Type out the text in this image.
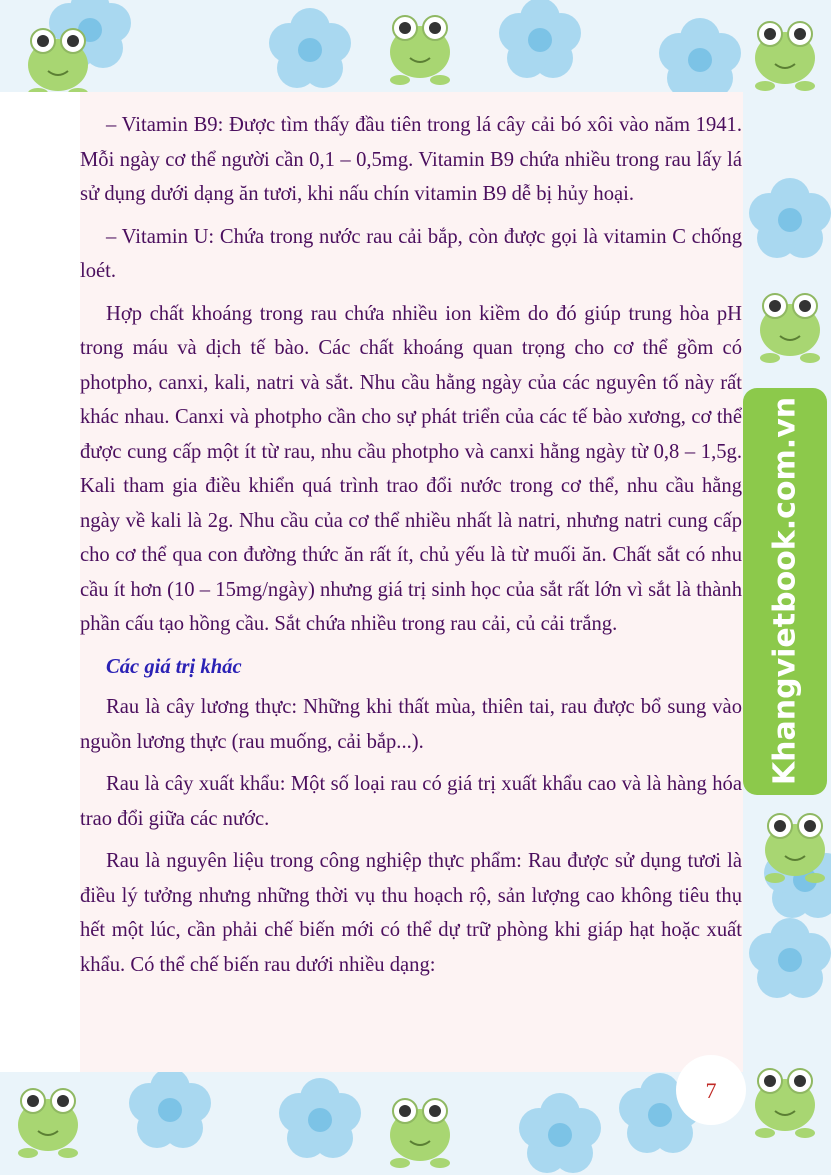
– Vitamin B9: Được tìm thấy đầu tiên trong lá cây cải bó xôi vào năm 1941. Mỗi ngày cơ thể người cần 0,1 – 0,5mg. Vitamin B9 chứa nhiều trong rau lấy lá sử dụng dưới dạng ăn tươi, khi nấu chín vitamin B9 dễ bị hủy hoại.

– Vitamin U: Chứa trong nước rau cải bắp, còn được gọi là vitamin C chống loét.

Hợp chất khoáng trong rau chứa nhiều ion kiềm do đó giúp trung hòa pH trong máu và dịch tế bào. Các chất khoáng quan trọng cho cơ thể gồm có photpho, canxi, kali, natri và sắt. Nhu cầu hằng ngày của các nguyên tố này rất khác nhau. Canxi và photpho cần cho sự phát triển của các tế bào xương, cơ thể được cung cấp một ít từ rau, nhu cầu photpho và canxi hằng ngày từ 0,8 – 1,5g. Kali tham gia điều khiển quá trình trao đổi nước trong cơ thể, nhu cầu hằng ngày về kali là 2g. Nhu cầu của cơ thể nhiều nhất là natri, nhưng natri cung cấp cho cơ thể qua con đường thức ăn rất ít, chủ yếu là từ muối ăn. Chất sắt có nhu cầu ít hơn (10 – 15mg/ngày) nhưng giá trị sinh học của sắt rất lớn vì sắt là thành phần cấu tạo hồng cầu. Sắt chứa nhiều trong rau cải, củ cải trắng.

Các giá trị khác

Rau là cây lương thực: Những khi thất mùa, thiên tai, rau được bổ sung vào nguồn lương thực (rau muống, cải bắp...).

Rau là cây xuất khẩu: Một số loại rau có giá trị xuất khẩu cao và là hàng hóa trao đổi giữa các nước.

Rau là nguyên liệu trong công nghiệp thực phẩm: Rau được sử dụng tươi là điều lý tưởng nhưng những thời vụ thu hoạch rộ, sản lượng cao không tiêu thụ hết một lúc, cần phải chế biến mới có thể dự trữ phòng khi giáp hạt hoặc xuất khẩu. Có thể chế biến rau dưới nhiều dạng:

Khangvietbook.com.vn
7
